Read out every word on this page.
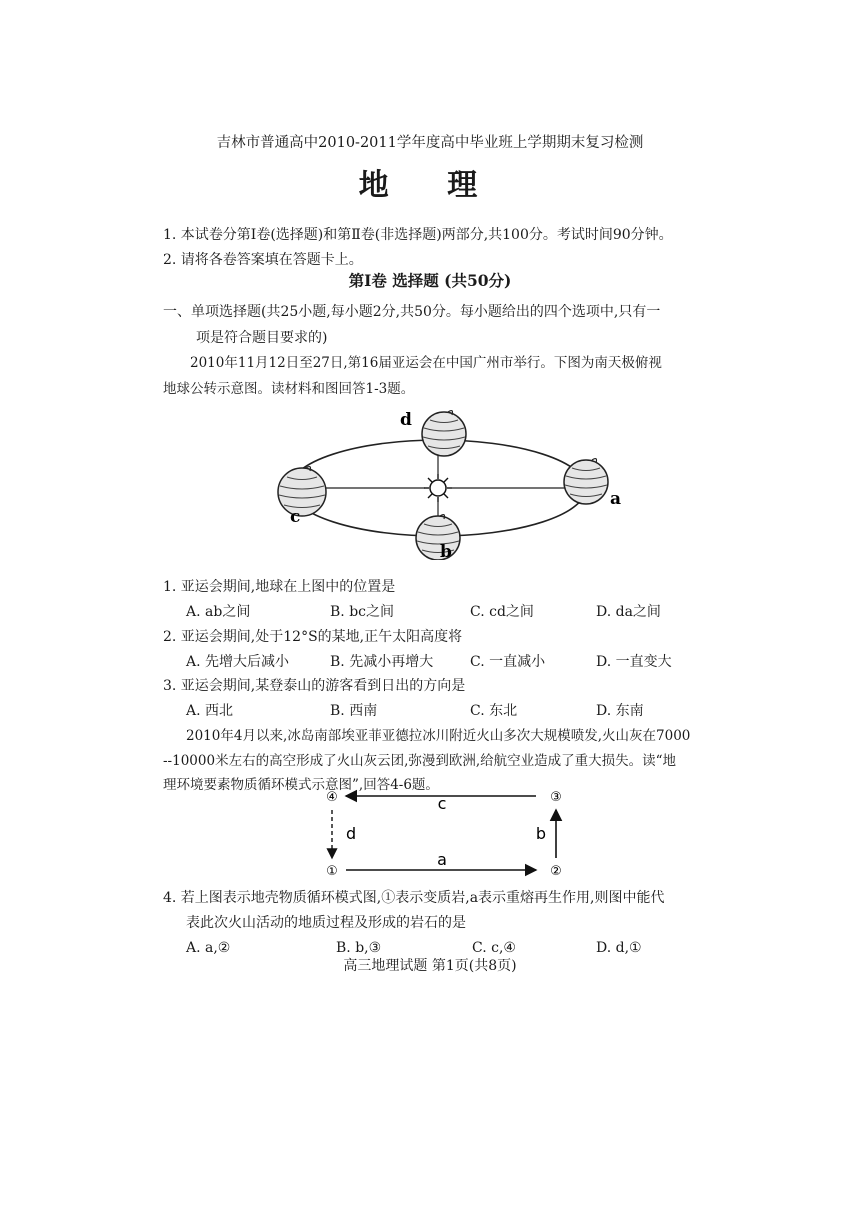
吉林市普通高中2010-2011学年度高中毕业班上学期期末复习检测
地 理
1. 本试卷分第Ⅰ卷(选择题)和第Ⅱ卷(非选择题)两部分,共100分。考试时间90分钟。
2. 请将各卷答案填在答题卡上。
第Ⅰ卷 选择题 (共50分)
一、单项选择题(共25小题,每小题2分,共50分。每小题给出的四个选项中,只有一
项是符合题目要求的)
2010年11月12日至27日,第16届亚运会在中国广州市举行。下图为南天极俯视
地球公转示意图。读材料和图回答1-3题。
d
a
b
c
1. 亚运会期间,地球在上图中的位置是
A. ab之间	B. bc之间	C. cd之间	D. da之间
2. 亚运会期间,处于12°S的某地,正午太阳高度将
A. 先增大后减小	B. 先减小再增大	C. 一直减小	D. 一直变大
3. 亚运会期间,某登泰山的游客看到日出的方向是
A. 西北	B. 西南	C. 东北	D. 东南
2010年4月以来,冰岛南部埃亚菲亚德拉冰川附近火山多次大规模喷发,火山灰在7000
--10000米左右的高空形成了火山灰云团,弥漫到欧洲,给航空业造成了重大损失。读“地
理环境要素物质循环模式示意图”,回答4-6题。
④	③
①	②
c
d	b
a
4. 若上图表示地壳物质循环模式图,①表示变质岩,a表示重熔再生作用,则图中能代
表此次火山活动的地质过程及形成的岩石的是
A. a,②	B. b,③	C. c,④	D. d,①
高三地理试题 第1页(共8页)
